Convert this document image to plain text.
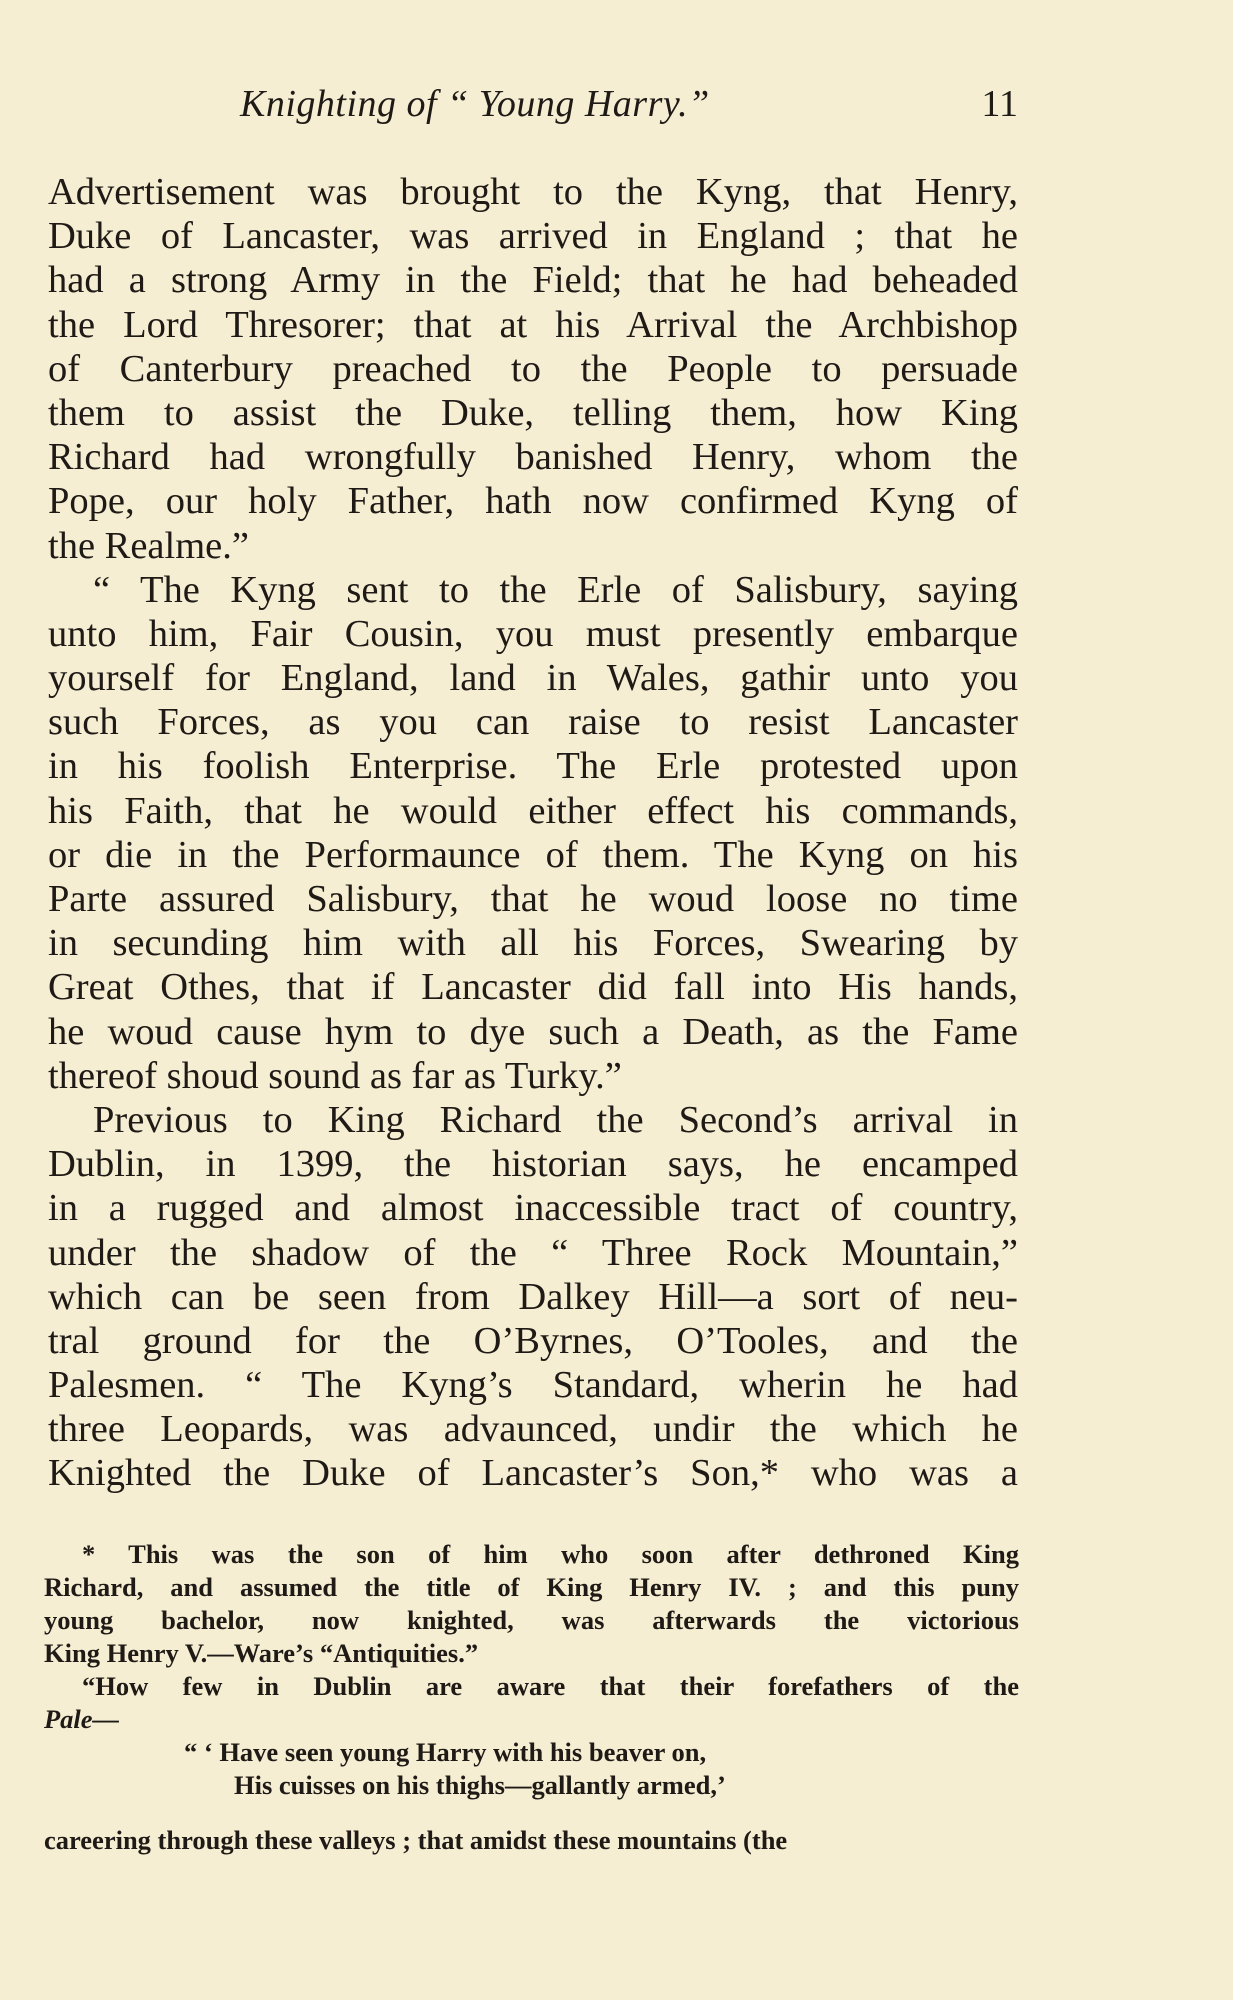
Knighting of “ Young Harry.”	11
Advertisement was brought to the Kyng, that Henry,
Duke of Lancaster, was arrived in England ; that he
had a strong Army in the Field; that he had beheaded
the Lord Thresorer; that at his Arrival the Archbishop
of Canterbury preached to the People to persuade
them to assist the Duke, telling them, how King
Richard had wrongfully banished Henry, whom the
Pope, our holy Father, hath now confirmed Kyng of
the Realme.”
“ The Kyng sent to the Erle of Salisbury, saying
unto him, Fair Cousin, you must presently embarque
yourself for England, land in Wales, gathir unto you
such Forces, as you can raise to resist Lancaster
in his foolish Enterprise. The Erle protested upon
his Faith, that he would either effect his commands,
or die in the Performaunce of them. The Kyng on his
Parte assured Salisbury, that he woud loose no time
in secunding him with all his Forces, Swearing by
Great Othes, that if Lancaster did fall into His hands,
he woud cause hym to dye such a Death, as the Fame
thereof shoud sound as far as Turky.”
Previous to King Richard the Second’s arrival in
Dublin, in 1399, the historian says, he encamped
in a rugged and almost inaccessible tract of country,
under the shadow of the “ Three Rock Mountain,”
which can be seen from Dalkey Hill—a sort of neu-
tral ground for the O’Byrnes, O’Tooles, and the
Palesmen. “ The Kyng’s Standard, wherin he had
three Leopards, was advaunced, undir the which he
Knighted the Duke of Lancaster’s Son,* who was a
* This was the son of him who soon after dethroned King
Richard, and assumed the title of King Henry IV. ; and this puny
young bachelor, now knighted, was afterwards the victorious
King Henry V.—Ware’s “Antiquities.”
“How few in Dublin are aware that their forefathers of the
Pale—
“ ‘ Have seen young Harry with his beaver on,
His cuisses on his thighs—gallantly armed,’
careering through these valleys ; that amidst these mountains (the
